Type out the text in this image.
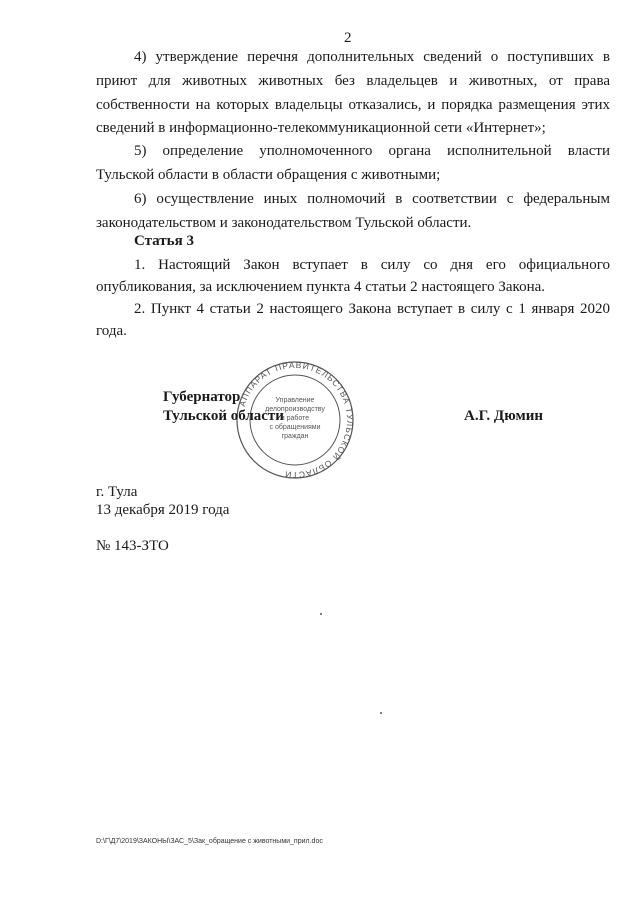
2
4) утверждение перечня дополнительных сведений о поступивших в
приют для животных животных без владельцев и животных, от права
собственности на которых владельцы отказались, и порядка размещения этих
сведений в информационно-телекоммуникационной сети «Интернет»;
5) определение уполномоченного органа исполнительной власти
Тульской области в области обращения с животными;
6) осуществление иных полномочий в соответствии с федеральным
законодательством и законодательством Тульской области.
Статья 3
1. Настоящий Закон вступает в силу со дня его официального
опубликования, за исключением пункта 4 статьи 2 настоящего Закона.
2. Пункт 4 статьи 2 настоящего Закона вступает в силу с 1 января 2020
года.
АППАРАТ ПРАВИТЕЛЬСТВА ТУЛЬСКОЙ ОБЛАСТИ
Управление
делопроизводству
и работе
с обращениями
граждан
Губернатор
Тульской области	А.Г. Дюмин
г. Тула
13 декабря 2019 года
№ 143-ЗТО
D:\Г\Д7\2019\ЗАКОНЫ\ЗАС_5\Зак_обращение с животными_прил.doc
